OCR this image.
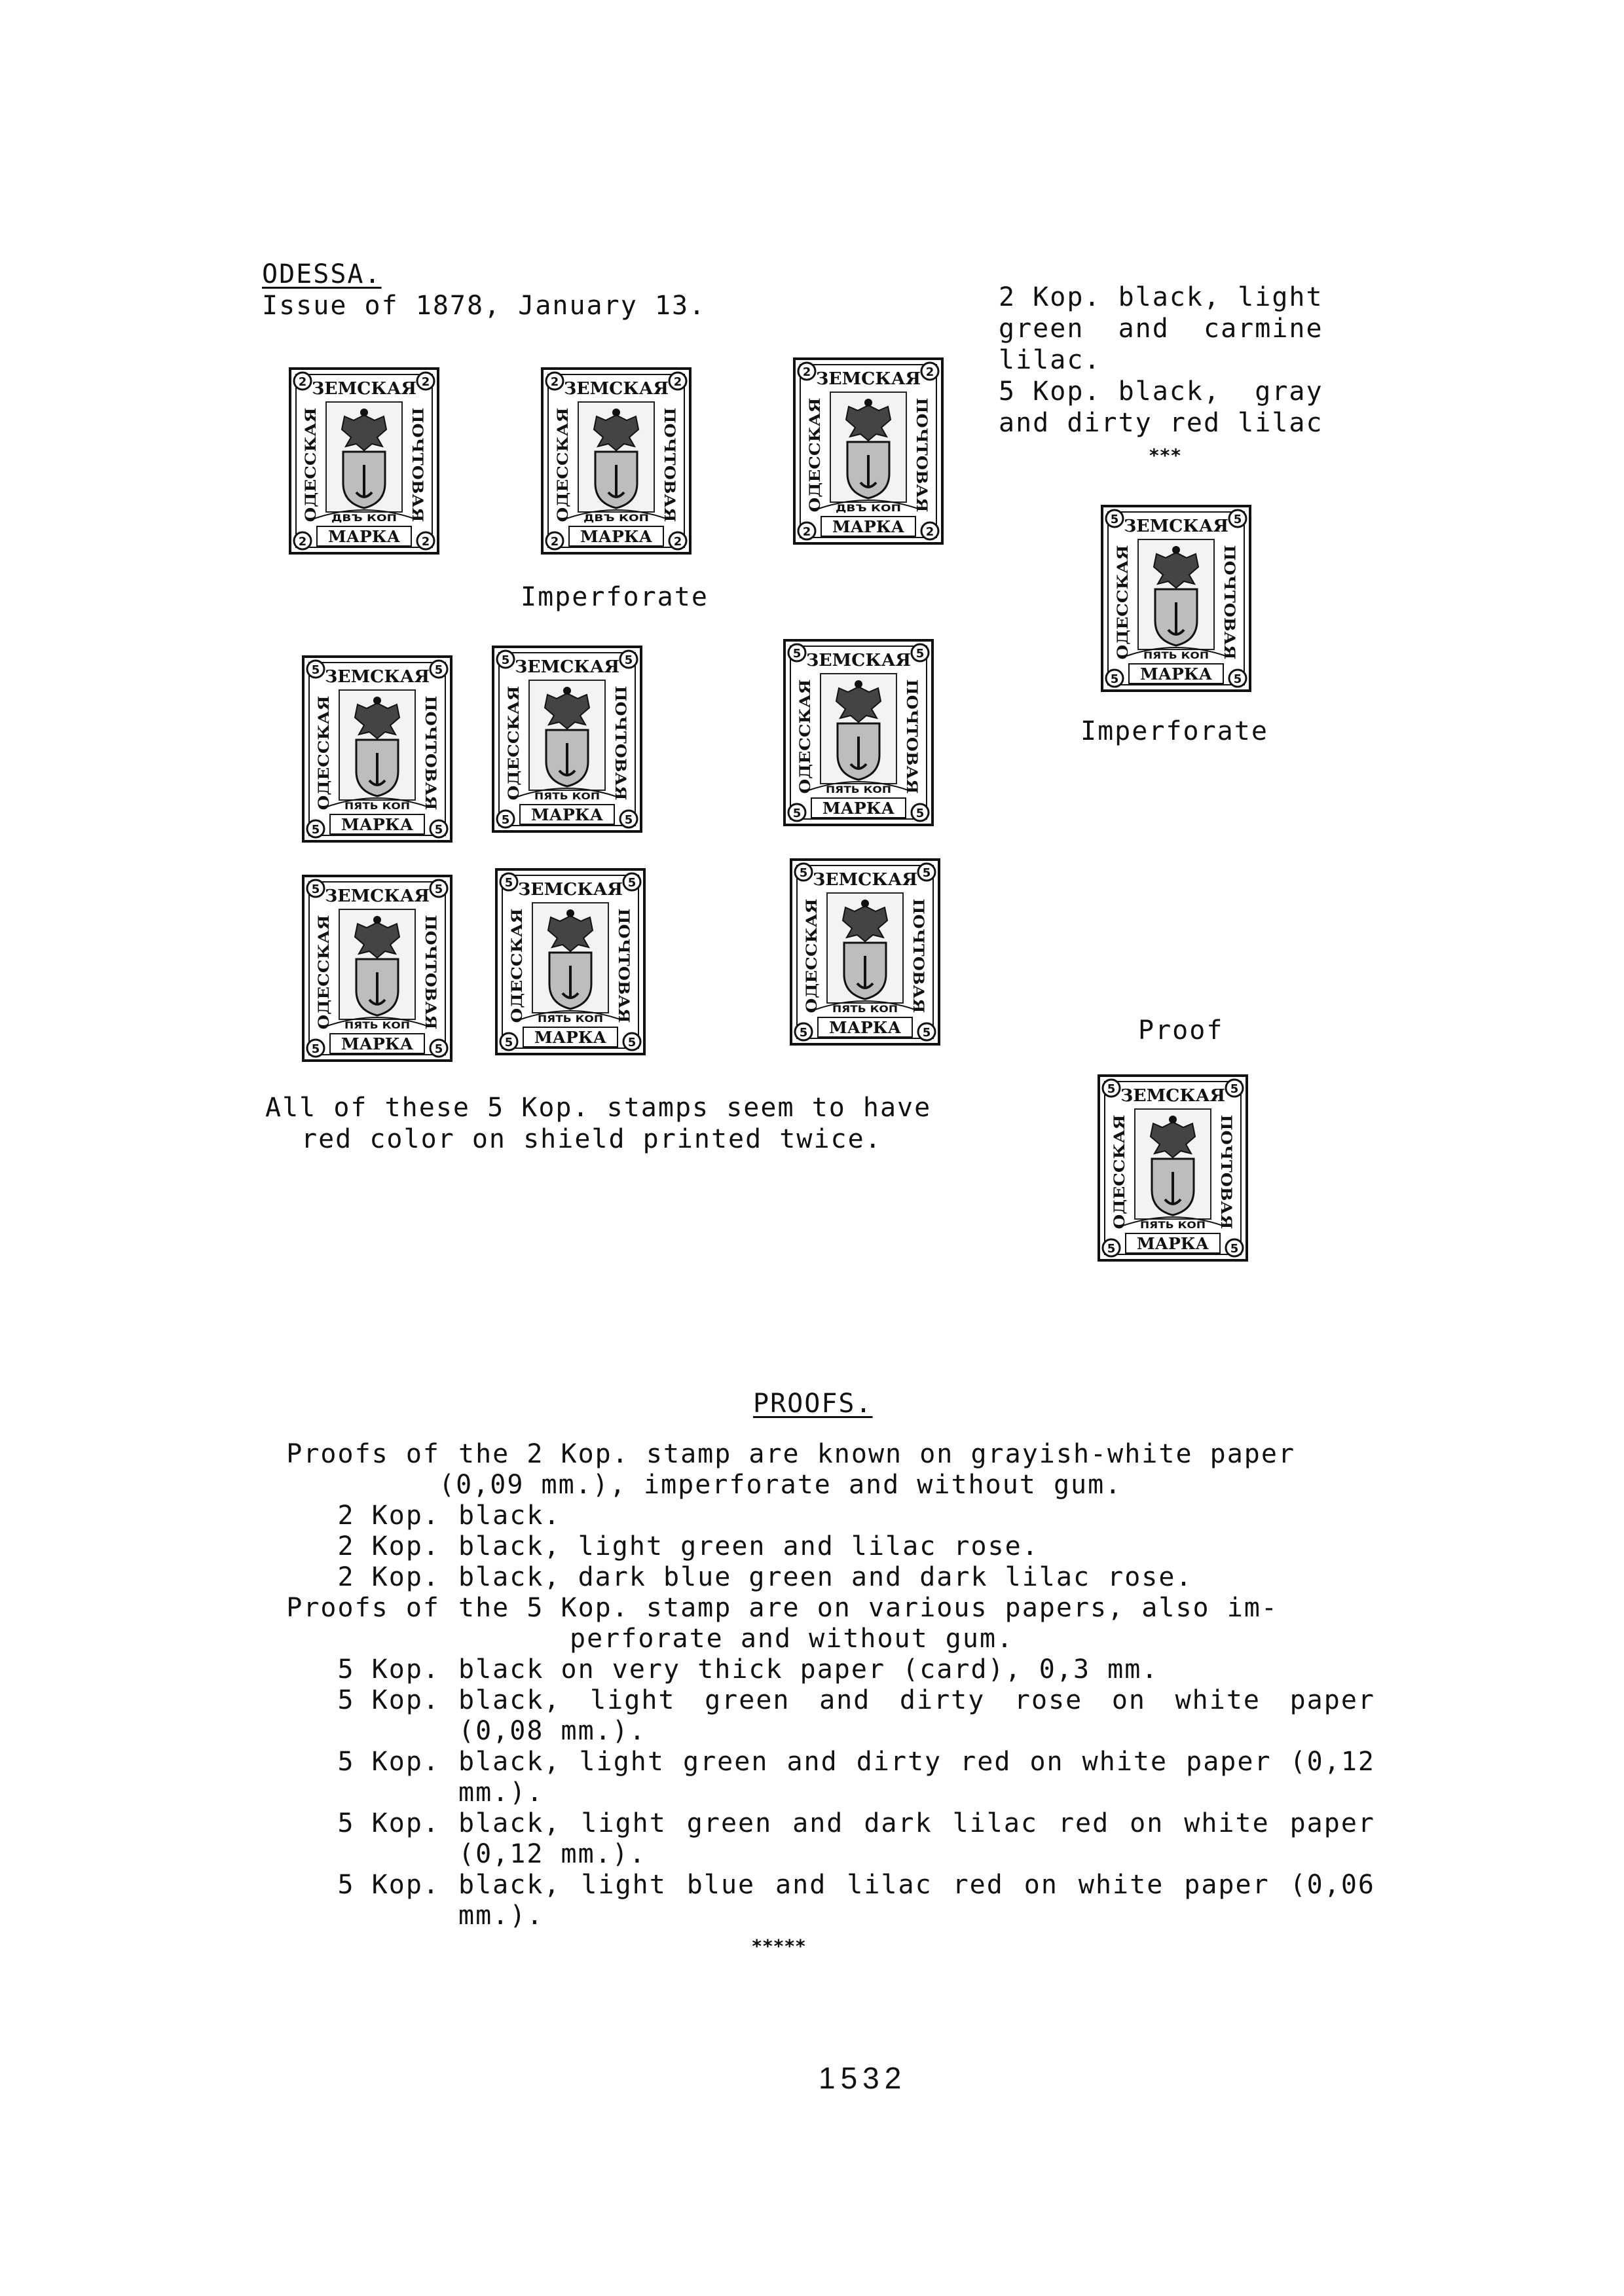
ODESSA.
Issue of 1878, January 13.	2 Kop. black, light
green  and  carmine
lilac.
5 Kop. black,  gray
and dirty red lilac
***
2	2
2	2
ЗЕМСКАЯ
ОДЕССКАЯ	ПОЧТОВАЯ
ДВЪ КОП
МАРКА
2	2
2	2
ЗЕМСКАЯ
ОДЕССКАЯ	ПОЧТОВАЯ
ДВЪ КОП
МАРКА
2	2
2	2
ЗЕМСКАЯ
ОДЕССКАЯ	ПОЧТОВАЯ
ДВЪ КОП
МАРКА
Imperforate
5	5
5	5
ЗЕМСКАЯ
ОДЕССКАЯ	ПОЧТОВАЯ
ПЯТЬ КОП
МАРКА
5	5
5	5
ЗЕМСКАЯ
ОДЕССКАЯ	ПОЧТОВАЯ
ПЯТЬ КОП
МАРКА
5	5
5	5
ЗЕМСКАЯ
ОДЕССКАЯ	ПОЧТОВАЯ
ПЯТЬ КОП
МАРКА
5	5
5	5
ЗЕМСКАЯ
ОДЕССКАЯ	ПОЧТОВАЯ
ПЯТЬ КОП
МАРКА
5	5
5	5
ЗЕМСКАЯ
ОДЕССКАЯ	ПОЧТОВАЯ
ПЯТЬ КОП
МАРКА
5	5
5	5
ЗЕМСКАЯ
ОДЕССКАЯ	ПОЧТОВАЯ
ПЯТЬ КОП
МАРКА
5	5
5	5
ЗЕМСКАЯ
ОДЕССКАЯ	ПОЧТОВАЯ
ПЯТЬ КОП
МАРКА
Imperforate
Proof
5	5
5	5
ЗЕМСКАЯ
ОДЕССКАЯ	ПОЧТОВАЯ
ПЯТЬ КОП
МАРКА
All of these 5 Kop. stamps seem to have
red color on shield printed twice.
PROOFS.
Proofs of the 2 Kop. stamp are known on grayish-white paper
(0,09 mm.), imperforate and without gum.
2 Kop. black.
2 Kop. black, light green and lilac rose.
2 Kop. black, dark blue green and dark lilac rose.
Proofs of the 5 Kop. stamp are on various papers, also im-
perforate and without gum.
5 Kop. black on very thick paper (card), 0,3 mm.
5 Kop. black, light green and dirty rose on white paper (0,08 mm.).
5 Kop. black, light green and dirty red on white paper (0,12 mm.).
5 Kop. black, light green and dark lilac red on white paper (0,12 mm.).
5 Kop. black, light blue and lilac red on white paper (0,06 mm.).
*****
1532
